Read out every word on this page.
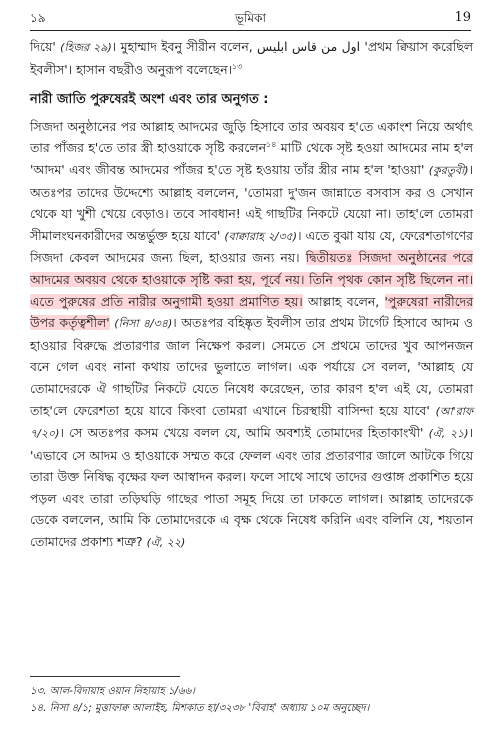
১৯	ভূমিকা	19

দিয়ে' (হিজর ২৯)। মুহাম্মাদ ইবনু সীরীন বলেন, اول من قاس ابليس 'প্রথম ক্বিয়াস করেছিল ইবলীস'। হাসান বছরীও অনুরূপ বলেছেন।$^{১৩}$

নারী জাতি পুরুষেরই অংশ এবং তার অনুগত :

সিজদা অনুষ্ঠানের পর আল্লাহ আদমের জুড়ি হিসাবে তার অবয়ব হ'তে একাংশ নিয়ে অর্থাৎ তার পাঁজর হ'তে তার স্ত্রী হাওয়াকে সৃষ্টি করলেন$^{১৪}$ মাটি থেকে সৃষ্ট হওয়া আদমের নাম হ'ল 'আদম' এবং জীবন্ত আদমের পাঁজর হ'তে সৃষ্ট হওয়ায় তাঁর স্ত্রীর নাম হ'ল 'হাওয়া' (কুরতুবী)। অতঃপর তাদের উদ্দেশ্যে আল্লাহ বললেন, 'তোমরা দু'জন জান্নাতে বসবাস কর ও সেখান থেকে যা খুশী খেয়ে বেড়াও। তবে সাবধান! এই গাছটির নিকটে যেয়ো না। তাহ'লে তোমরা সীমালংঘনকারীদের অন্তর্ভুক্ত হয়ে যাবে' (বাক্বারাহ ২/৩৫)। এতে বুঝা যায় যে, ফেরেশতাগণের সিজদা কেবল আদমের জন্য ছিল, হাওয়ার জন্য নয়। দ্বিতীয়তঃ সিজদা অনুষ্ঠানের পরে আদমের অবয়ব থেকে হাওয়াকে সৃষ্টি করা হয়, পূর্বে নয়। তিনি পৃথক কোন সৃষ্টি ছিলেন না। এতে পুরুষের প্রতি নারীর অনুগামী হওয়া প্রমাণিত হয়। আল্লাহ বলেন, 'পুরুষেরা নারীদের উপর কর্তৃত্বশীল' (নিসা ৪/৩৪)। অতঃপর বহিষ্কৃত ইবলীস তার প্রথম টার্গেট হিসাবে আদম ও হাওয়ার বিরুদ্ধে প্রতারণার জাল নিক্ষেপ করল। সেমতে সে প্রথমে তাদের খুব আপনজন বনে গেল এবং নানা কথায় তাদের ভুলাতে লাগল। এক পর্যায়ে সে বলল, 'আল্লাহ যে তোমাদেরকে ঐ গাছটির নিকটে যেতে নিষেধ করেছেন, তার কারণ হ'ল এই যে, তোমরা তাহ'লে ফেরেশতা হয়ে যাবে কিংবা তোমরা এখানে চিরস্থায়ী বাসিন্দা হয়ে যাবে' (আ'রাফ ৭/২০)। সে অতঃপর কসম খেয়ে বলল যে, আমি অবশ্যই তোমাদের হিতাকাংখী' (ঐ, ২১)। 'এভাবে সে আদম ও হাওয়াকে সম্মত করে ফেলল এবং তার প্রতারণার জালে আটকে গিয়ে তারা উক্ত নিষিদ্ধ বৃক্ষের ফল আস্বাদন করল। ফলে সাথে সাথে তাদের গুপ্তাঙ্গ প্রকাশিত হয়ে পড়ল এবং তারা তড়িঘড়ি গাছের পাতা সমূহ দিয়ে তা ঢাকতে লাগল। আল্লাহ তাদেরকে ডেকে বললেন, আমি কি তোমাদেরকে এ বৃক্ষ থেকে নিষেধ করিনি এবং বলিনি যে, শয়তান তোমাদের প্রকাশ্য শত্রু? (ঐ, ২২)

১৩. আল-বিদায়াহ ওয়ান নিহায়াহ ১/৬৬।
১৪. নিসা ৪/১; মুত্তাফাক্ব আলাইহ, মিশকাত হা/৩২৩৮ 'বিবাহ' অধ্যায় ১০ম অনুচ্ছেদ।
